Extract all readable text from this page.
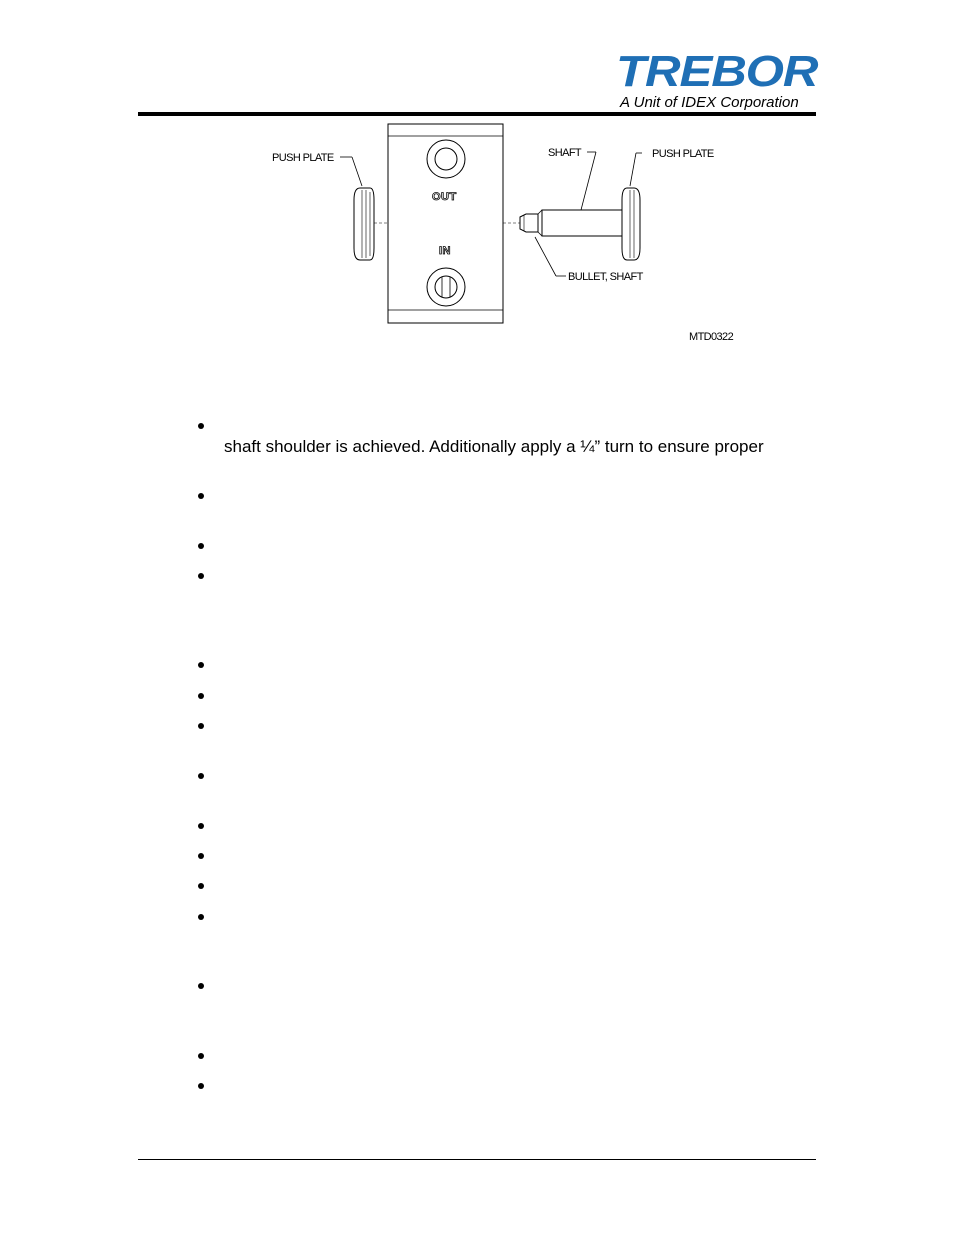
TREBOR
A Unit of IDEX Corporation
OUT
IN
PUSH PLATE	SHAFT	PUSH PLATE
BULLET, SHAFT
MTD0322
shaft shoulder is achieved. Additionally apply a ¼” turn to ensure proper
